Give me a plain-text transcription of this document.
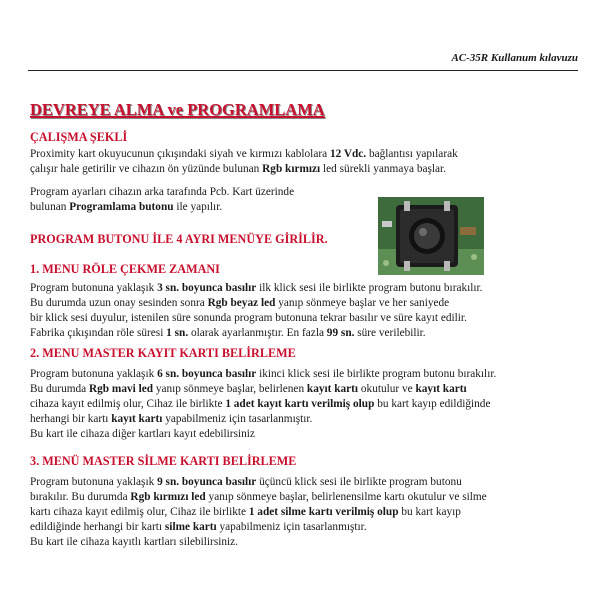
AC-35R Kullanum kılavuzu
DEVREYE ALMA ve PROGRAMLAMA
ÇALIŞMA ŞEKLİ
Proximity kart okuyucunun çıkışındaki siyah ve kırmızı kablolara 12 Vdc. bağlantısı yapılarak
çalışır hale getirilir ve cihazın ön yüzünde bulunan Rgb kırmızı led sürekli yanmaya başlar.
Program ayarları cihazın arka tarafında Pcb. Kart üzerinde
bulunan Programlama butonu ile yapılır.
PROGRAM BUTONU İLE 4 AYRI MENÜYE GİRİLİR.
1. MENU RÖLE ÇEKME ZAMANI
Program butonuna yaklaşık 3 sn. boyunca basılır ilk klick sesi ile birlikte program butonu bırakılır.
Bu durumda uzun onay sesinden sonra Rgb beyaz led yanıp sönmeye başlar ve her saniyede
bir klick sesi duyulur, istenilen süre sonunda program butonuna tekrar basılır ve süre kayıt edilir.
Fabrika çıkışından röle süresi 1 sn. olarak ayarlanmıştır. En fazla 99 sn. süre verilebilir.
2. MENU MASTER KAYIT KARTI BELİRLEME
Program butonuna yaklaşık 6 sn. boyunca basılır ikinci klick sesi ile birlikte program butonu bırakılır.
Bu durumda Rgb mavi led yanıp sönmeye başlar, belirlenen kayıt kartı okutulur ve kayıt kartı
cihaza kayıt edilmiş olur, Cihaz ile birlikte 1 adet kayıt kartı verilmiş olup bu kart kayıp edildiğinde
herhangi bir kartı kayıt kartı yapabilmeniz için tasarlanmıştır.
Bu kart ile cihaza diğer kartları kayıt edebilirsiniz
3. MENÜ MASTER SİLME KARTI BELİRLEME
Program butonuna yaklaşık 9 sn. boyunca basılır üçüncü klick sesi ile birlikte program butonu
bırakılır. Bu durumda Rgb kırmızı led yanıp sönmeye başlar, belirlenensilme kartı okutulur ve silme
kartı cihaza kayıt edilmiş olur, Cihaz ile birlikte 1 adet silme kartı verilmiş olup bu kart kayıp
edildiğinde herhangi bir kartı silme kartı yapabilmeniz için tasarlanmıştır.
Bu kart ile cihaza kayıtlı kartları silebilirsiniz.
